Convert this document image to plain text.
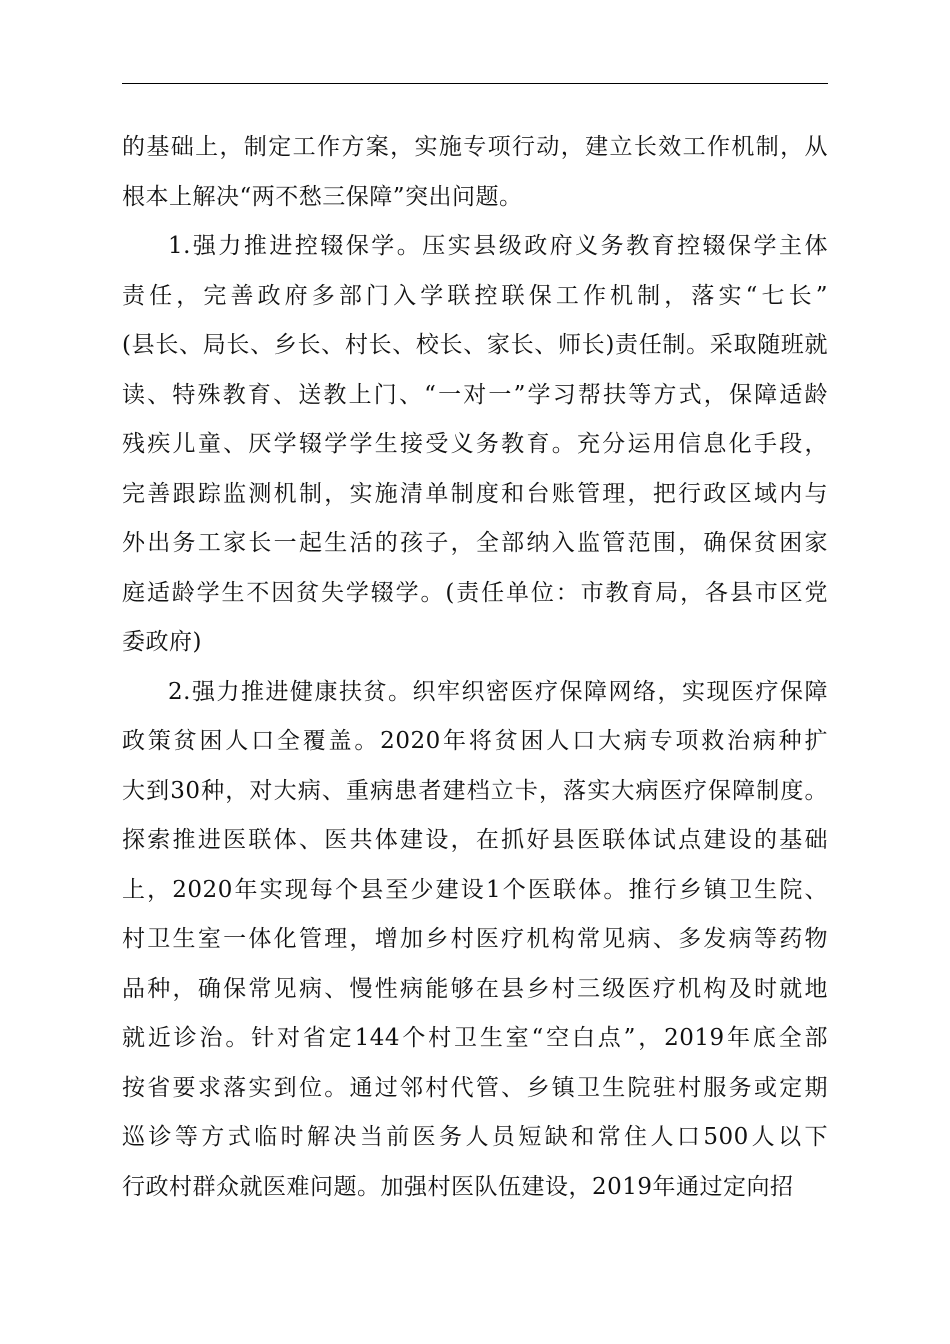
的基础上，制定工作方案，实施专项行动，建立长效工作机制，从
根本上解决“两不愁三保障”突出问题。
1.强力推进控辍保学。压实县级政府义务教育控辍保学主体
责任，完善政府多部门入学联控联保工作机制，落实“七长”
(县长、局长、乡长、村长、校长、家长、师长)责任制。采取随班就
读、特殊教育、送教上门、“一对一”学习帮扶等方式，保障适龄
残疾儿童、厌学辍学学生接受义务教育。充分运用信息化手段，
完善跟踪监测机制，实施清单制度和台账管理，把行政区域内与
外出务工家长一起生活的孩子，全部纳入监管范围，确保贫困家
庭适龄学生不因贫失学辍学。(责任单位：市教育局，各县市区党
委政府)
2.强力推进健康扶贫。织牢织密医疗保障网络，实现医疗保障
政策贫困人口全覆盖。2020年将贫困人口大病专项救治病种扩
大到30种，对大病、重病患者建档立卡，落实大病医疗保障制度。
探索推进医联体、医共体建设，在抓好县医联体试点建设的基础
上，2020年实现每个县至少建设1个医联体。推行乡镇卫生院、
村卫生室一体化管理，增加乡村医疗机构常见病、多发病等药物
品种，确保常见病、慢性病能够在县乡村三级医疗机构及时就地
就近诊治。针对省定144个村卫生室“空白点”，2019年底全部
按省要求落实到位。通过邻村代管、乡镇卫生院驻村服务或定期
巡诊等方式临时解决当前医务人员短缺和常住人口500人以下
行政村群众就医难问题。加强村医队伍建设，2019年通过定向招
